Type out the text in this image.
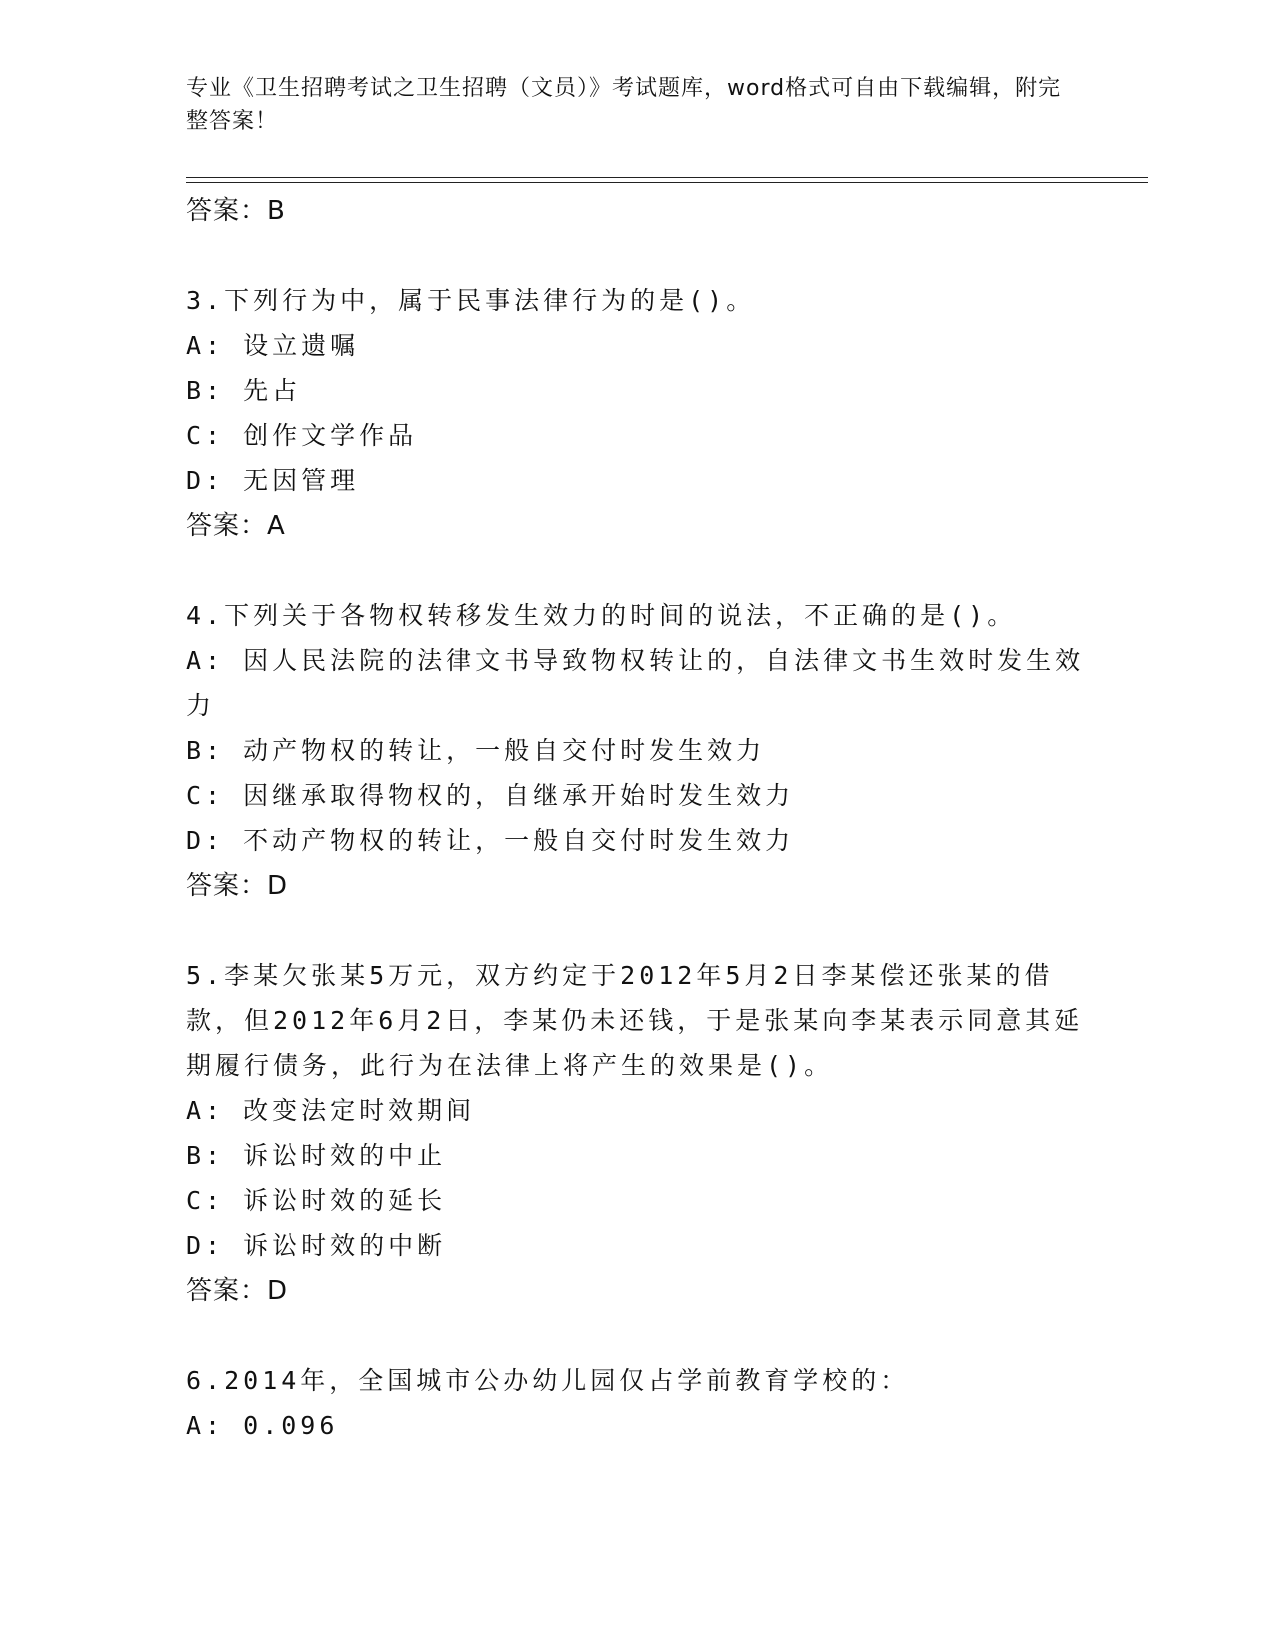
专业《卫生招聘考试之卫生招聘（文员）》考试题库，word格式可自由下载编辑，附完整答案！
答案：B
3.下列行为中，属于民事法律行为的是()。
A: 设立遗嘱
B: 先占
C: 创作文学作品
D: 无因管理
答案：A
4.下列关于各物权转移发生效力的时间的说法，不正确的是()。
A: 因人民法院的法律文书导致物权转让的，自法律文书生效时发生效力
B: 动产物权的转让，一般自交付时发生效力
C: 因继承取得物权的，自继承开始时发生效力
D: 不动产物权的转让，一般自交付时发生效力
答案：D
5.李某欠张某5万元，双方约定于2012年5月2日李某偿还张某的借款，但2012年6月2日，李某仍未还钱，于是张某向李某表示同意其延期履行债务，此行为在法律上将产生的效果是()。
A: 改变法定时效期间
B: 诉讼时效的中止
C: 诉讼时效的延长
D: 诉讼时效的中断
答案：D
6.2014年，全国城市公办幼儿园仅占学前教育学校的：
A: 0.096
